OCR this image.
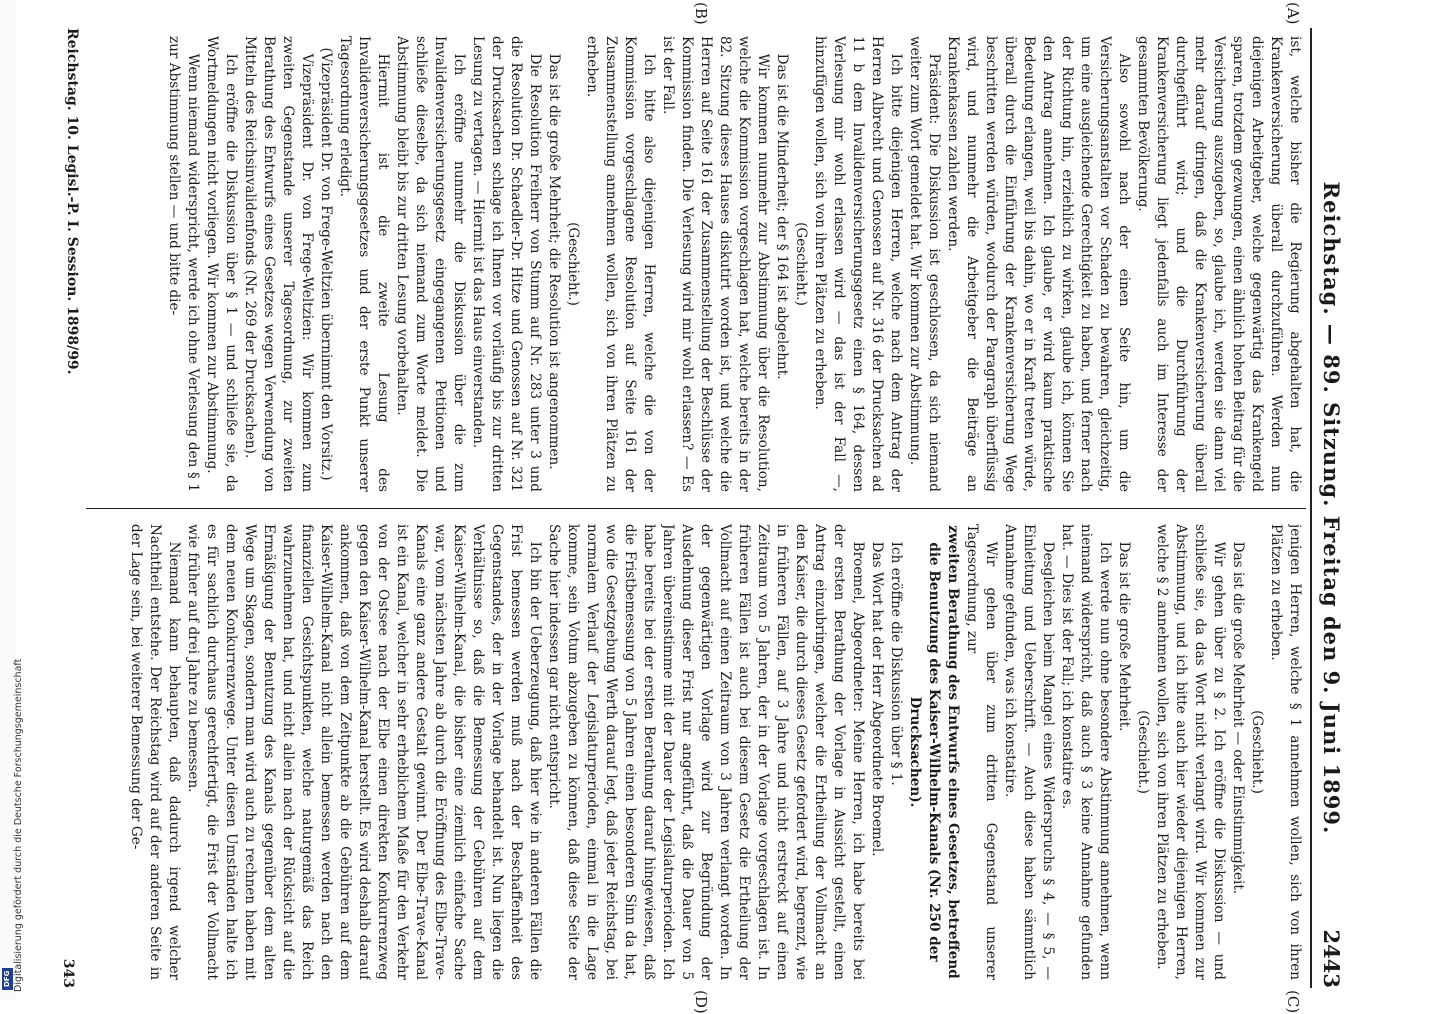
DFG Digitalisierung gefördert durch die Deutsche Forschungsgemeinschaft	Reichstag. — 89. Sitzung. Freitag den 9. Juni 1899.
2443
(A)
(B)
(C)
(D)

ist, welche bisher die Regierung abgehalten hat, die Krankenversicherung überall durchzuführen. Werden nun diejenigen Arbeitgeber, welche gegenwärtig das Krankengeld sparen, trotzdem gezwungen, einen ähnlich hohen Beitrag für die Versicherung auszugeben, so, glaube ich, werden sie dann viel mehr darauf dringen, daß die Krankenversicherung überall durchgeführt wird; und die Durchführung der Krankenversicherung liegt jedenfalls auch im Interesse der gesammten Bevölkerung.

Also sowohl nach der einen Seite hin, um die Versicherungsanstalten vor Schaden zu bewahren, gleichzeitig, um eine ausgleichende Gerechtigkeit zu haben, und ferner nach der Richtung hin, erziehlich zu wirken, glaube ich, können Sie den Antrag annehmen. Ich glaube, er wird kaum praktische Bedeutung erlangen, weil bis dahin, wo er in Kraft treten würde, überall durch die Einführung der Krankenversicherung Wege beschritten werden würden, wodurch der Paragraph überflüssig wird, und nunmehr die Arbeitgeber die Beiträge an Krankenkassen zahlen werden.

Präsident: Die Diskussion ist geschlossen, da sich niemand weiter zum Wort gemeldet hat. Wir kommen zur Abstimmung.

Ich bitte diejenigen Herren, welche nach dem Antrag der Herren Albrecht und Genossen auf Nr. 316 der Drucksachen ad 11 b dem Invalidenversicherungsgesetz einen § 164, dessen Verlesung mir wohl erlassen wird — das ist der Fall —, hinzufügen wollen, sich von ihren Plätzen zu erheben.

(Geschieht.)

Das ist die Minderheit; der § 164 ist abgelehnt.

Wir kommen nunmehr zur Abstimmung über die Resolution, welche die Kommission vorgeschlagen hat, welche bereits in der 82. Sitzung dieses Hauses diskutirt worden ist, und welche die Herren auf Seite 161 der Zusammenstellung der Beschlüsse der Kommission finden. Die Verlesung wird mir wohl erlassen? — Es ist der Fall.

Ich bitte also diejenigen Herren, welche die von der Kommission vorgeschlagene Resolution auf Seite 161 der Zusammenstellung annehmen wollen, sich von ihren Plätzen zu erheben.

(Geschieht.)

Das ist die große Mehrheit; die Resolution ist angenommen.

Die Resolution Freiherr von Stumm auf Nr. 283 unter 3 und die Resolution Dr. Schaedler-Dr. Hitze und Genossen auf Nr. 321 der Drucksachen schlage ich Ihnen vor vorläufig bis zur dritten Lesung zu vertagen. — Hiermit ist das Haus einverstanden.

Ich eröffne nunmehr die Diskussion über die zum Invalidenversicherungsgesetz eingegangenen Petitionen und schließe dieselbe, da sich niemand zum Worte meldet. Die Abstimmung bleibt bis zur dritten Lesung vorbehalten.

Hiermit ist die zweite Lesung des Invalidenversicherungsgesetzes und der erste Punkt unserer Tagesordnung erledigt.

(Vizepräsident Dr. von Frege-Weltzien übernimmt den Vorsitz.)

Vizepräsident Dr. von Frege-Weltzien: Wir kommen zum zweiten Gegenstande unserer Tagesordnung, zur zweiten Berathung des Entwurfs eines Gesetzes wegen Verwendung von Mitteln des Reichsinvalidenfonds (Nr. 269 der Drucksachen).

Ich eröffne die Diskussion über § 1 — und schließe sie, da Wortmeldungen nicht vorliegen. Wir kommen zur Abstimmung.

Wenn niemand widerspricht, werde ich ohne Verlesung den § 1 zur Abstimmung stellen — und bitte die-

jenigen Herren, welche § 1 annehmen wollen, sich von ihren Plätzen zu erheben.

(Geschieht.)

Das ist die große Mehrheit — oder Einstimmigkeit.

Wir gehen über zu § 2. Ich eröffne die Diskussion — und schließe sie, da das Wort nicht verlangt wird. Wir kommen zur Abstimmung, und ich bitte auch hier wieder diejenigen Herren, welche § 2 annehmen wollen, sich von ihren Plätzen zu erheben.

(Geschieht.)

Das ist die große Mehrheit.

Ich werde nun ohne besondere Abstimmung annehmen, wenn niemand widerspricht, daß auch § 3 keine Annahme gefunden hat. — Dies ist der Fall; ich konstatire es.

Desgleichen beim Mangel eines Widerspruchs § 4, — § 5, — Einleitung und Ueberschrift. — Auch diese haben sämmtlich Annahme gefunden, was ich konstatire.

Wir gehen über zum dritten Gegenstand unserer Tagesordnung, zur

zweiten Berathung des Entwurfs eines Gesetzes, betreffend die Benutzung des Kaiser-Wilhelm-Kanals (Nr. 250 der Drucksachen).

Ich eröffne die Diskussion über § 1.

Das Wort hat der Herr Abgeordnete Broemel.

Broemel, Abgeordneter: Meine Herren, ich habe bereits bei der ersten Berathung der Vorlage in Aussicht gestellt, einen Antrag einzubringen, welcher die Ertheilung der Vollmacht an den Kaiser, die durch dieses Gesetz gefordert wird, begrenzt, wie in früheren Fällen, auf 3 Jahre und nicht erstreckt auf einen Zeitraum von 5 Jahren, der in der Vorlage vorgeschlagen ist. In früheren Fällen ist auch bei diesem Gesetz die Ertheilung der Vollmacht auf einen Zeitraum von 3 Jahren verlangt worden. In der gegenwärtigen Vorlage wird zur Begründung der Ausdehnung dieser Frist nur angeführt, daß die Dauer von 5 Jahren übereinstimme mit der Dauer der Legislaturperioden. Ich habe bereits bei der ersten Berathung darauf hingewiesen, daß die Fristbemessung von 5 Jahren einen besonderen Sinn da hat, wo die Gesetzgebung Werth darauf legt, daß jeder Reichstag, bei normalem Verlauf der Legislaturperioden, einmal in die Lage komme, sein Votum abzugeben zu können, daß diese Seite der Sache hier indessen gar nicht entspricht.

Ich bin der Ueberzeugung, daß hier wie in anderen Fällen die Frist bemessen werden muß nach der Beschaffenheit des Gegenstandes, der in der Vorlage behandelt ist. Nun liegen die Verhältnisse so, daß die Bemessung der Gebühren auf dem Kaiser-Wilhelm-Kanal, die bisher eine ziemlich einfache Sache war, vom nächsten Jahre ab durch die Eröffnung des Elbe-Trave-Kanals eine ganz andere Gestalt gewinnt. Der Elbe-Trave-Kanal ist ein Kanal, welcher in sehr erheblichem Maße für den Verkehr von der Ostsee nach der Elbe einen direkten Konkurrenzweg gegen den Kaiser-Wilhelm-Kanal herstellt. Es wird deshalb darauf ankommen, daß von dem Zeitpunkte ab die Gebühren auf dem Kaiser-Wilhelm-Kanal nicht allein bemessen werden nach den finanziellen Gesichtspunkten, welche naturgemäß das Reich wahrzunehmen hat, und nicht allein nach der Rücksicht auf die Ermäßigung der Benutzung des Kanals gegenüber dem alten Wege um Skagen, sondern man wird auch zu rechnen haben mit dem neuen Konkurrenzwege. Unter diesen Umständen halte ich es für sachlich durchaus gerechtfertigt, die Frist der Vollmacht wie früher auf drei Jahre zu bemessen.

Niemand kann behaupten, daß dadurch irgend welcher Nachtheil entstehe. Der Reichstag wird auf der anderen Seite in der Lage sein, bei weiterer Bemessung der Ge-

Reichstag. 10. Legisl.-P. I. Session. 1898/99.
343
